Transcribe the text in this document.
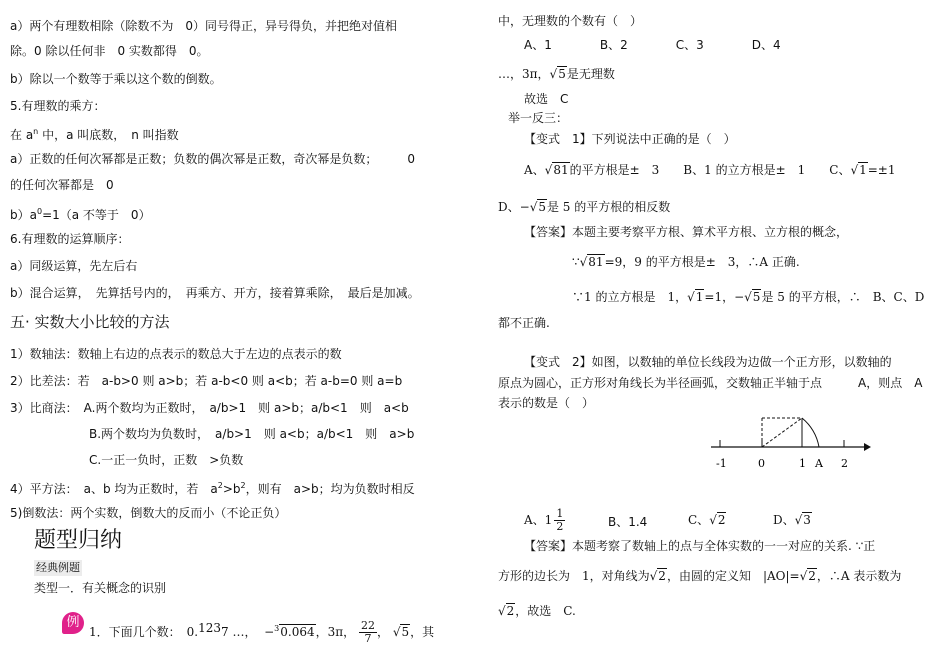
a）两个有理数相除（除数不为　0）同号得正，异号得负，并把绝对值相
除。0 除以任何非　0 实数都得　0。
b）除以一个数等于乘以这个数的倒数。
5.有理数的乘方：
在 $a^n$ 中，a 叫底数，　n 叫指数
a）正数的任何次幂都是正数；负数的偶次幂是正数，奇次幂是负数；　　　0
的任何次幂都是　0
$b)a^0=1(a$ 不等于　0）
6.有理数的运算顺序：
a）同级运算，先左后右
b）混合运算，　先算括号内的，　再乘方、开方，接着算乘除，　最后是加减。
五· 实数大小比较的方法
1）数轴法：数轴上右边的点表示的数总大于左边的点表示的数
2）比差法：若　a-b>0 则 a>b；若 a-b<0 则 a<b；若 a-b=0 则 a=b
3）比商法：　A.两个数均为正数时，　a/b>1　则 a>b；a/b<1　则　a<b
B.两个数均为负数时，　a/b>1　则 a<b；a/b<1　则　a>b
C.一正一负时，正数　>负数
4）平方法：　a、b 均为正数时，若　$a^2>b^2$，则有　a>b；均为负数时相反
5)倒数法：两个实数，倒数大的反而小（不论正负）
题型归纳
经典例题
类型一．有关概念的识别
1．下面几个数：　0.1237 …，  −$^3$0.064，3π， $\frac{22}{7}$ ， √5，其
例
中，无理数的个数有（　）
A、1　　　　B、2　　　　C、3　　　　D、4
…，3π，√5是无理数
故选　C
举一反三：
【变式　1】下列说法中正确的是（　）
A、√81的平方根是±　3　　B、1 的立方根是±　1　　C、√1=±1
D、−√5是 5 的平方根的相反数
【答案】本题主要考察平方根、算术平方根、立方根的概念，
∵√81=9，9 的平方根是±　3，∴A 正确.
∵1 的立方根是　1，√1=1，−√5是 5 的平方根，∴　B、C、D
都不正确.
【变式　2】如图，以数轴的单位长线段为边做一个正方形，以数轴的
原点为圆心，正方形对角线长为半径画弧，交数轴正半轴于点　　　A，则点　A
表示的数是（　）
-1	0	1 A 2
A、$1 \frac{1}{2}$	B、1.4	C、√2	D、√3
【答案】本题考察了数轴上的点与全体实数的一一对应的关系. ∵正
方形的边长为　1，对角线为√2，由圆的定义知　|AO|=√2，∴A 表示数为
√2，故选　C.
